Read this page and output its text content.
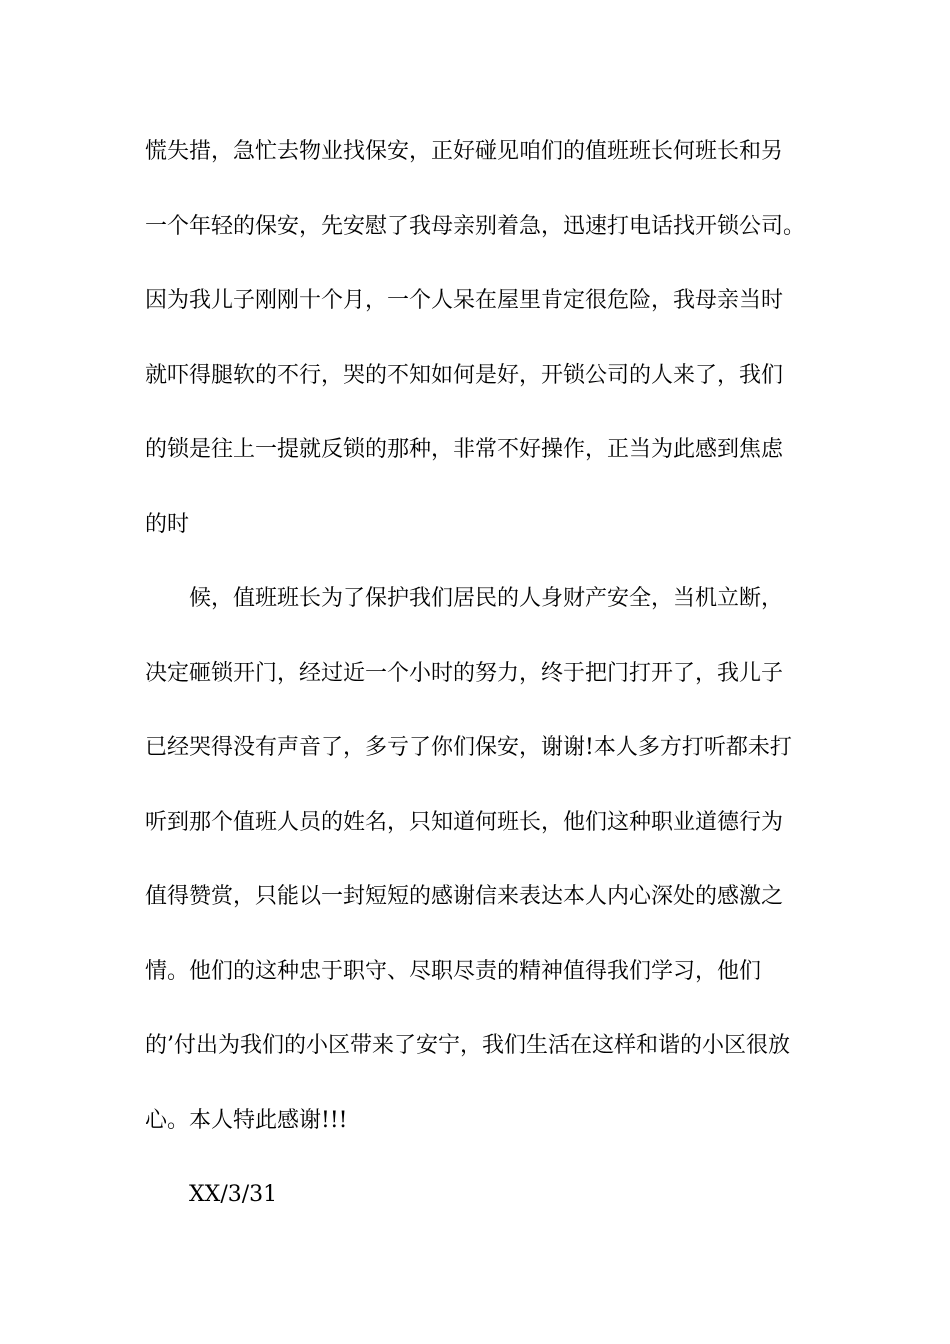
慌失措，急忙去物业找保安，正好碰见咱们的值班班长何班长和另
一个年轻的保安，先安慰了我母亲别着急，迅速打电话找开锁公司。
因为我儿子刚刚十个月，一个人呆在屋里肯定很危险，我母亲当时
就吓得腿软的不行，哭的不知如何是好，开锁公司的人来了，我们
的锁是往上一提就反锁的那种，非常不好操作，正当为此感到焦虑
的时
候，值班班长为了保护我们居民的人身财产安全，当机立断，
决定砸锁开门，经过近一个小时的努力，终于把门打开了，我儿子
已经哭得没有声音了，多亏了你们保安，谢谢!本人多方打听都未打
听到那个值班人员的姓名，只知道何班长，他们这种职业道德行为
值得赞赏，只能以一封短短的感谢信来表达本人内心深处的感激之
情。他们的这种忠于职守、尽职尽责的精神值得我们学习，他们
的’付出为我们的小区带来了安宁，我们生活在这样和谐的小区很放
心。本人特此感谢!!!
XX/3/31
